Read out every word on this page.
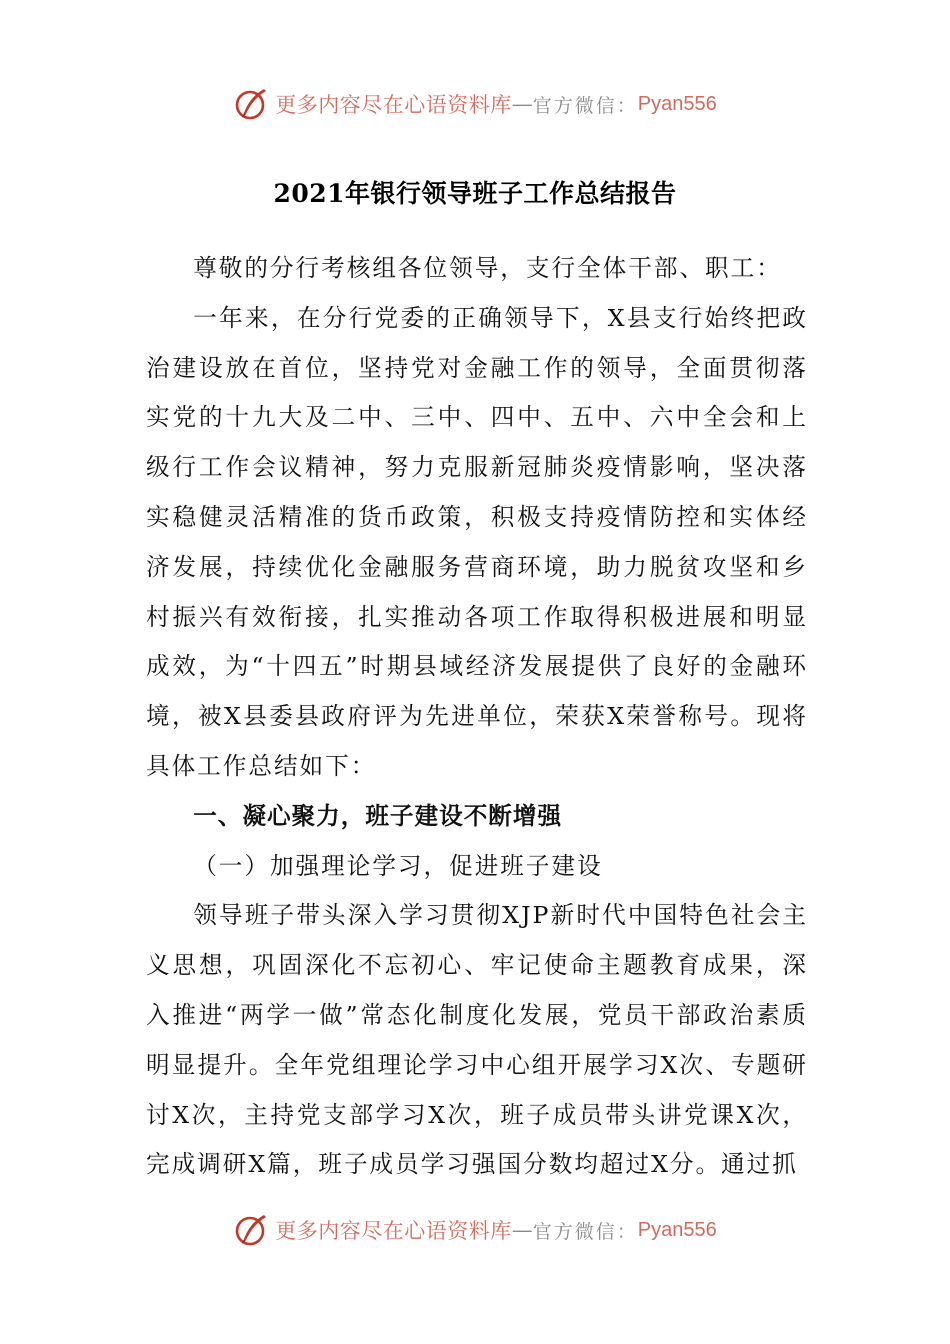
更多内容尽在心语资料库 — 官方微信： Pyan556
2021年银行领导班子工作总结报告

尊敬的分行考核组各位领导，支行全体干部、职工：

一年来，在分行党委的正确领导下，X县支行始终把政治建设放在首位，坚持党对金融工作的领导，全面贯彻落实党的十九大及二中、三中、四中、五中、六中全会和上级行工作会议精神，努力克服新冠肺炎疫情影响，坚决落实稳健灵活精准的货币政策，积极支持疫情防控和实体经济发展，持续优化金融服务营商环境，助力脱贫攻坚和乡村振兴有效衔接，扎实推动各项工作取得积极进展和明显成效，为“十四五”时期县域经济发展提供了良好的金融环境，被X县委县政府评为先进单位，荣获X荣誉称号。现将具体工作总结如下：

一、凝心聚力，班子建设不断增强
（一）加强理论学习，促进班子建设

领导班子带头深入学习贯彻XJP新时代中国特色社会主义思想，巩固深化不忘初心、牢记使命主题教育成果，深入推进“两学一做”常态化制度化发展，党员干部政治素质明显提升。全年党组理论学习中心组开展学习X次、专题研讨X次，主持党支部学习X次，班子成员带头讲党课X次，完成调研X篇，班子成员学习强国分数均超过X分。通过抓

更多内容尽在心语资料库 — 官方微信： Pyan556
